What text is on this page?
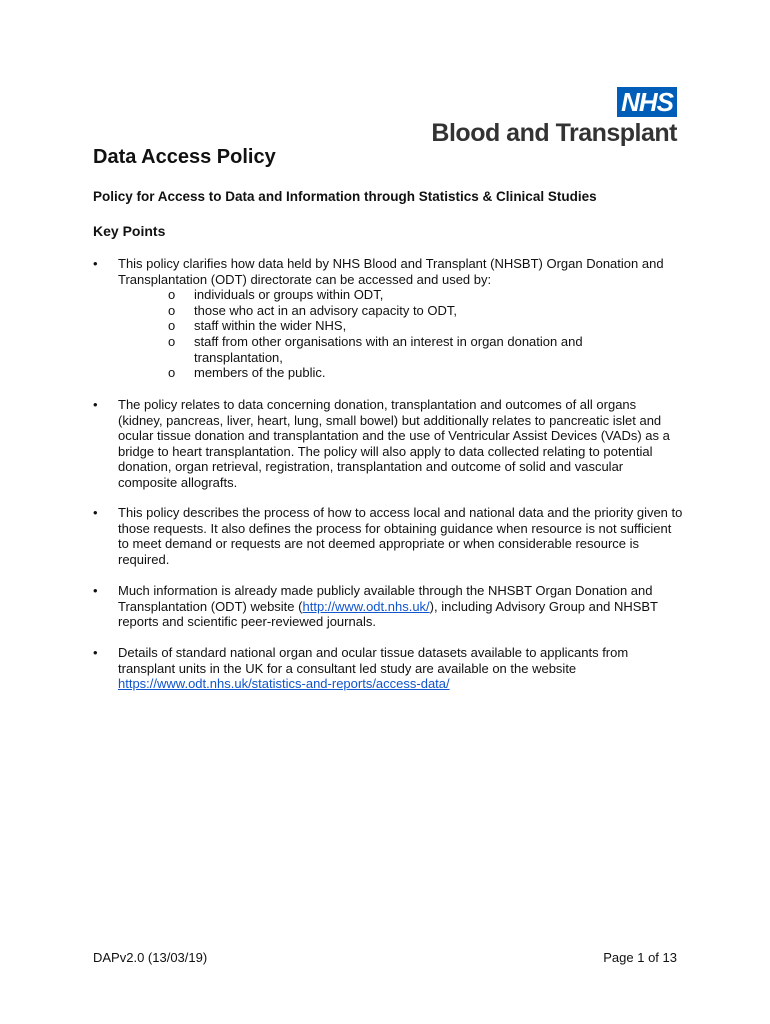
NHS
Blood and Transplant
Data Access Policy
Policy for Access to Data and Information through Statistics & Clinical Studies
Key Points
• This policy clarifies how data held by NHS Blood and Transplant (NHSBT) Organ Donation and Transplantation (ODT) directorate can be accessed and used by:
o individuals or groups within ODT,
o those who act in an advisory capacity to ODT,
o staff within the wider NHS,
o staff from other organisations with an interest in organ donation and transplantation,
o members of the public.
• The policy relates to data concerning donation, transplantation and outcomes of all organs (kidney, pancreas, liver, heart, lung, small bowel) but additionally relates to pancreatic islet and ocular tissue donation and transplantation and the use of Ventricular Assist Devices (VADs) as a bridge to heart transplantation. The policy will also apply to data collected relating to potential donation, organ retrieval, registration, transplantation and outcome of solid and vascular composite allografts.
• This policy describes the process of how to access local and national data and the priority given to those requests. It also defines the process for obtaining guidance when resource is not sufficient to meet demand or requests are not deemed appropriate or when considerable resource is required.
• Much information is already made publicly available through the NHSBT Organ Donation and Transplantation (ODT) website (http://www.odt.nhs.uk/), including Advisory Group and NHSBT reports and scientific peer-reviewed journals.
• Details of standard national organ and ocular tissue datasets available to applicants from transplant units in the UK for a consultant led study are available on the website https://www.odt.nhs.uk/statistics-and-reports/access-data/
DAPv2.0 (13/03/19)	Page 1 of 13
